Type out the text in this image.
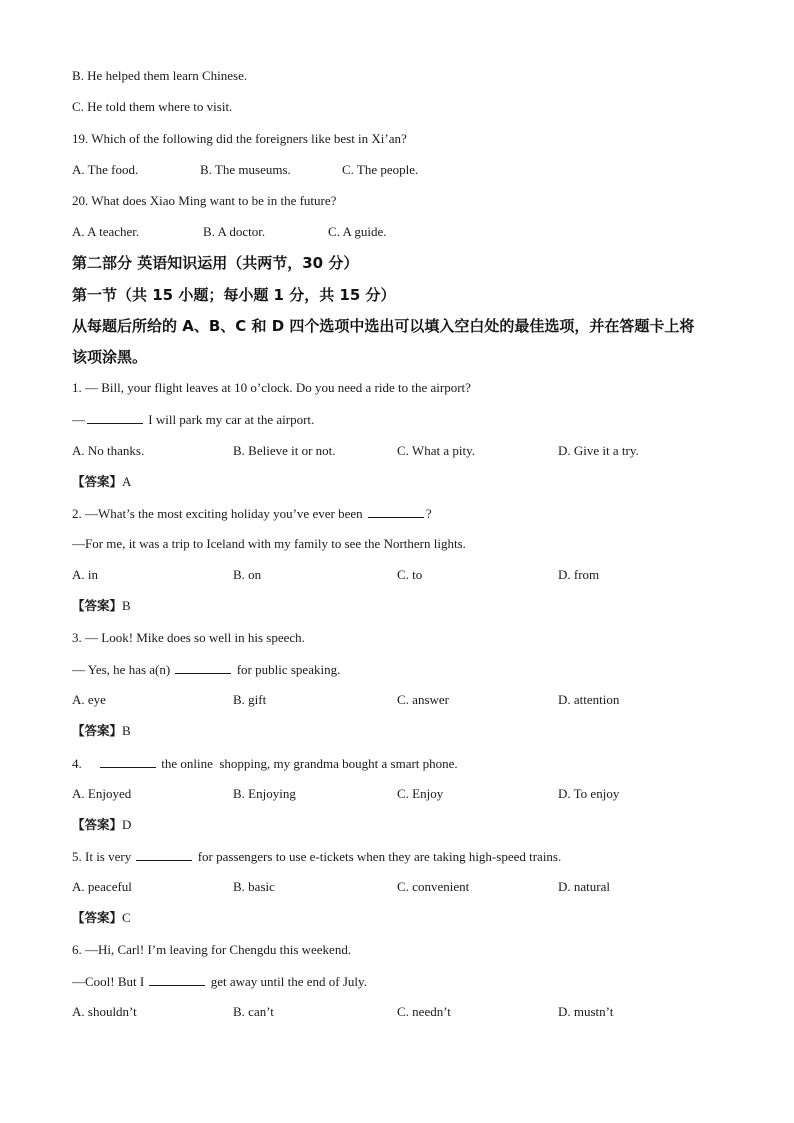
B. He helped them learn Chinese.

C. He told them where to visit.

19. Which of the following did the foreigners like best in Xi’an?

A. The food.	B. The museums.	C. The people.

20. What does Xiao Ming want to be in the future?

A. A teacher.	B. A doctor.	C. A guide.

第二部分 英语知识运用（共两节，30 分）

第一节（共 15 小题；每小题 1 分，共 15 分）

从每题后所给的 A、B、C 和 D 四个选项中选出可以填入空白处的最佳选项，并在答题卡上将

该项涂黑。

1. — Bill, your flight leaves at 10 o’clock. Do you need a ride to the airport?

—	I will park my car at the airport.

A. No thanks.	B. Believe it or not.	C. What a pity.	D. Give it a try.

【答案】A

2. —What’s the most exciting holiday you’ve ever been	?

—For me, it was a trip to Iceland with my family to see the Northern lights.

A. in	B. on	C. to	D. from

【答案】B

3. — Look! Mike does so well in his speech.

— Yes, he has a(n)	for public speaking.

A. eye	B. gift	C. answer	D. attention

【答案】B

4.	the online  shopping, my grandma bought a smart phone.

A. Enjoyed	B. Enjoying	C. Enjoy	D. To enjoy

【答案】D

5. It is very	for passengers to use e-tickets when they are taking high-speed trains.

A. peaceful	B. basic	C. convenient	D. natural

【答案】C

6. —Hi, Carl! I’m leaving for Chengdu this weekend.

—Cool! But I	get away until the end of July.

A. shouldn’t	B. can’t	C. needn’t	D. mustn’t
